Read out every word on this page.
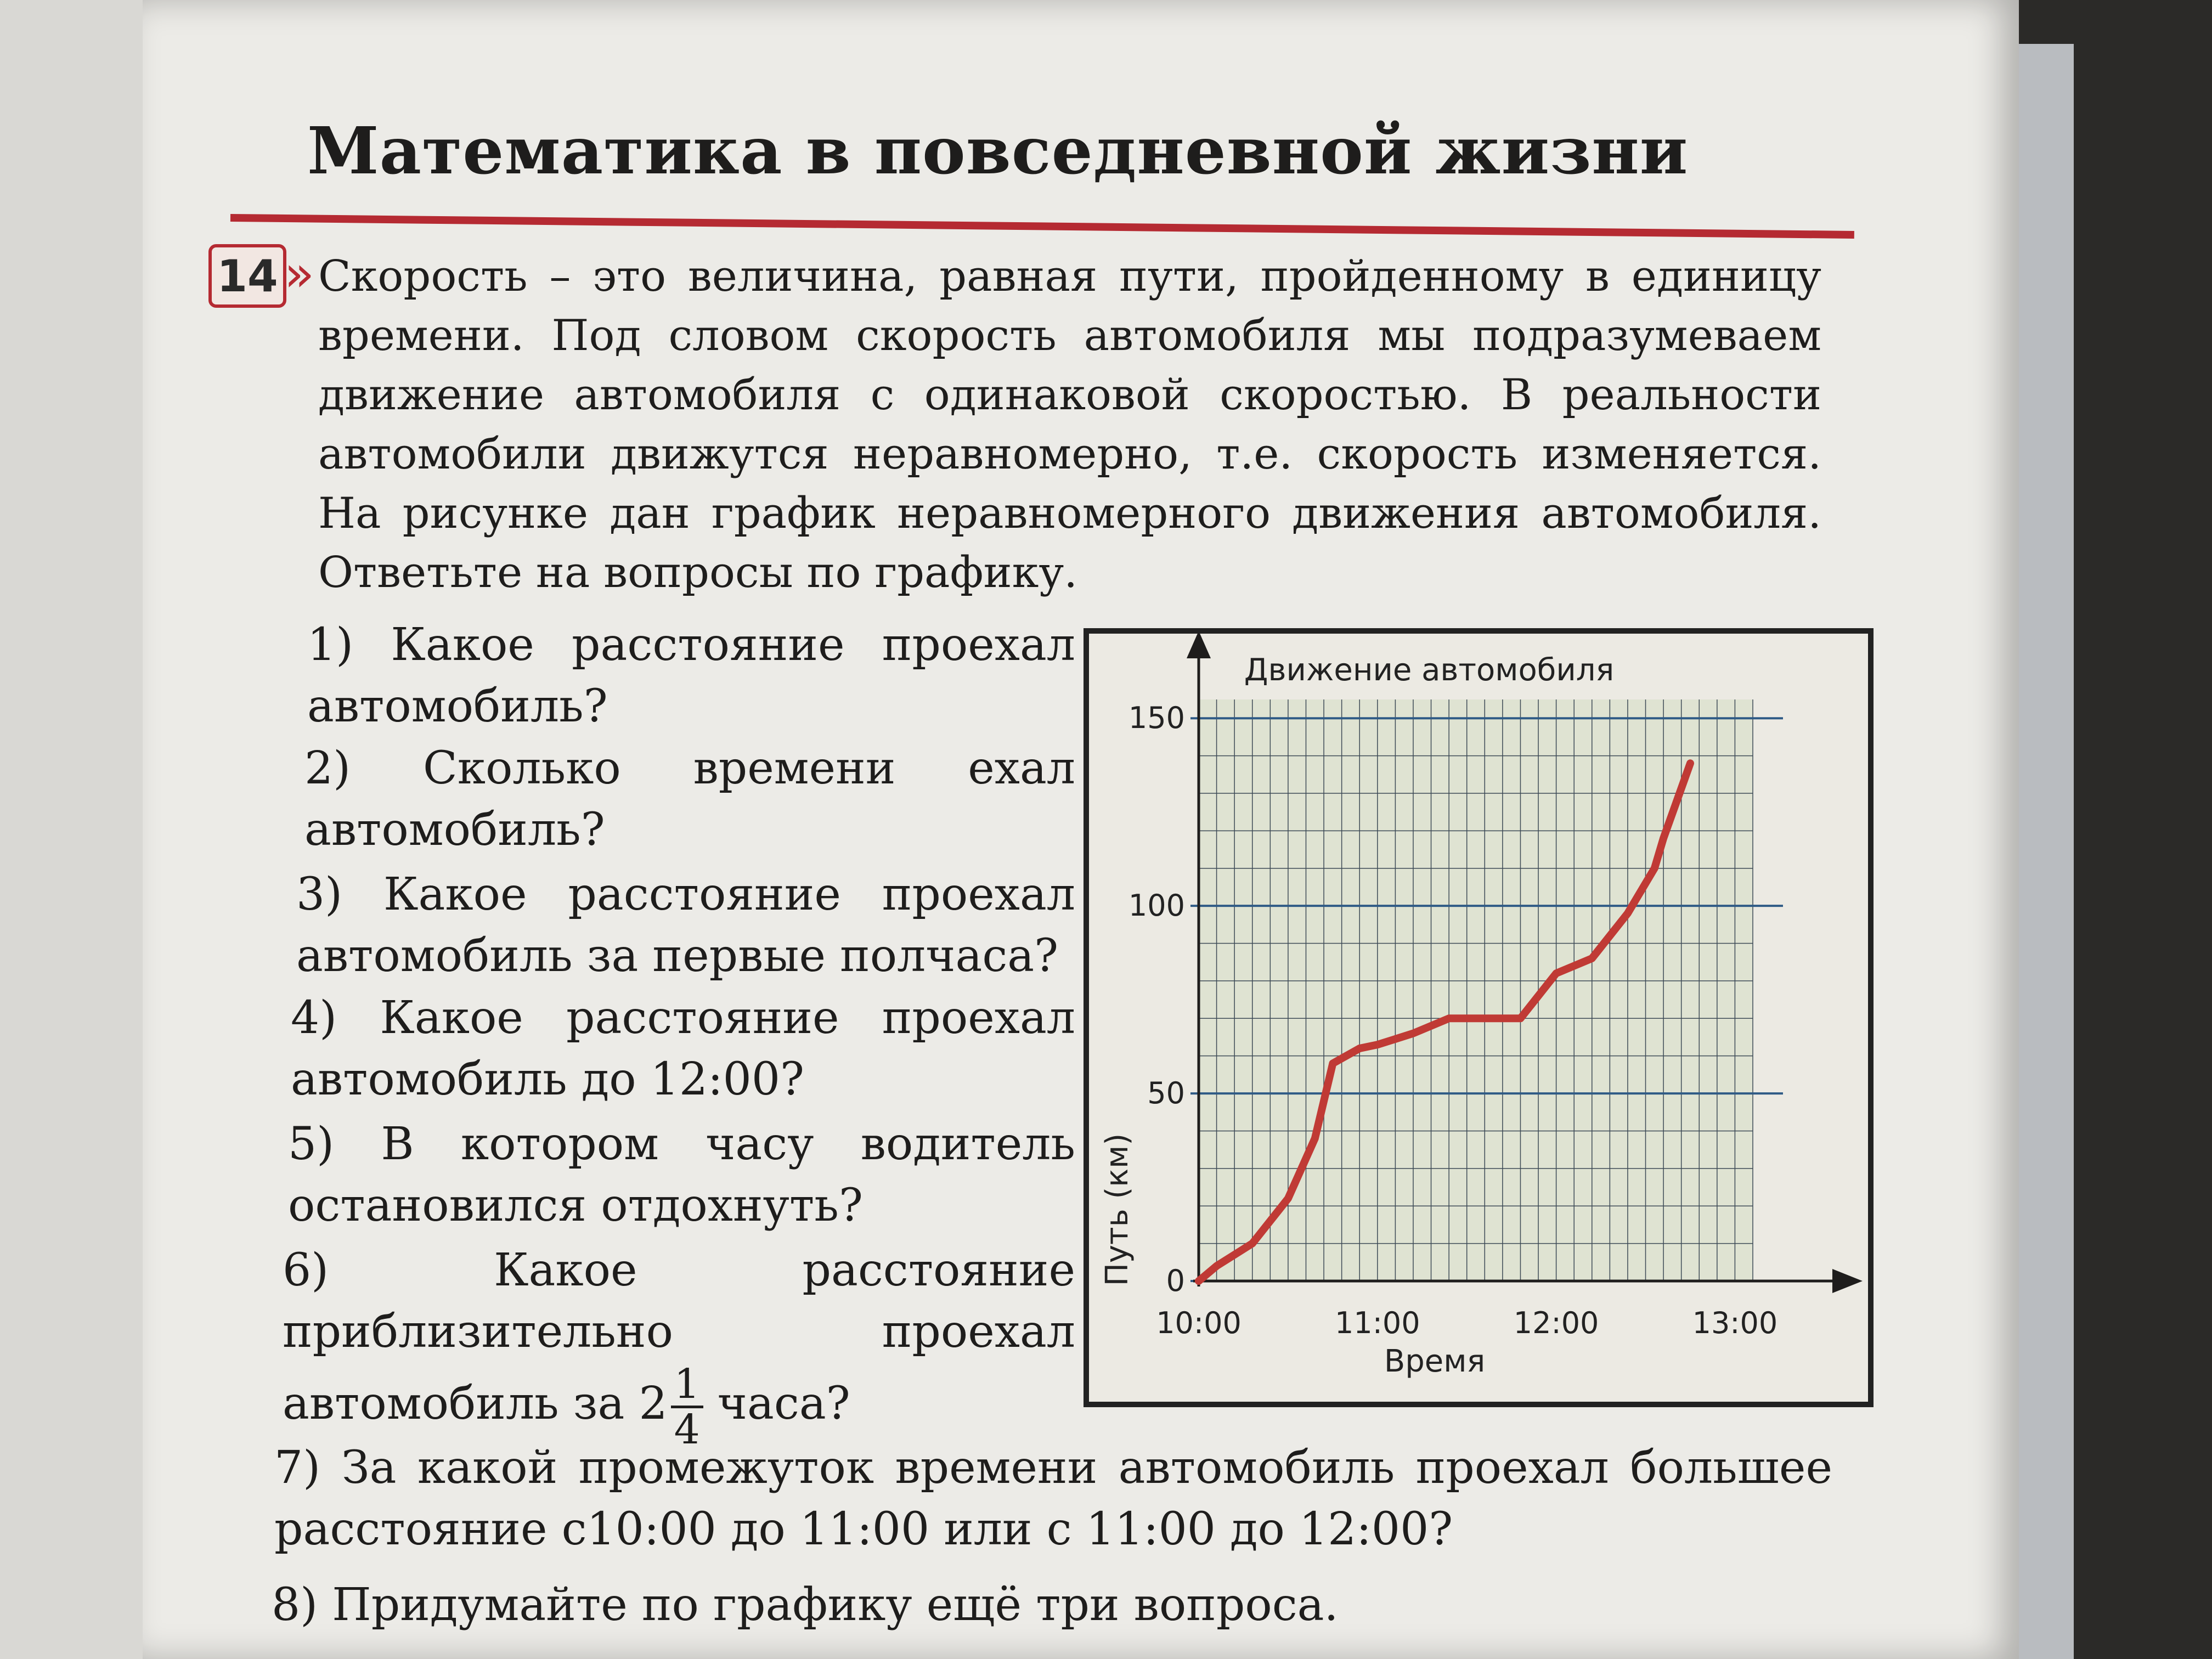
Математика в повседневной жизни
14 » Скорость – это величина, равная пути, пройденному в единицу времени. Под словом скорость автомобиля мы подразумеваем движение автомобиля с одинаковой скоростью. В реальности автомобили движутся неравномерно, т.е. скорость изменяется. На рисунке дан график неравномерного движения автомобиля. Ответьте на вопросы по графику.

1) Какое расстояние проехал автомобиль?

2) Сколько времени ехал автомобиль?

3) Какое расстояние проехал автомобиль за первые полчаса?

4) Какое расстояние проехал автомобиль до 12:00?

5) В котором часу водитель остановился отдохнуть?

6) Какое расстояние приблизительно проехал автомобиль за $2 \frac{1}{4}$ часа?

7) За какой промежуток времени автомобиль проехал большее расстояние с10:00 до 11:00 или с 11:00 до 12:00?

8) Придумайте по графику ещё три вопроса.

10:00	11:00	12:00	13:00
0
50
100
150
Движение автомобиля
Время
Путь (км)
